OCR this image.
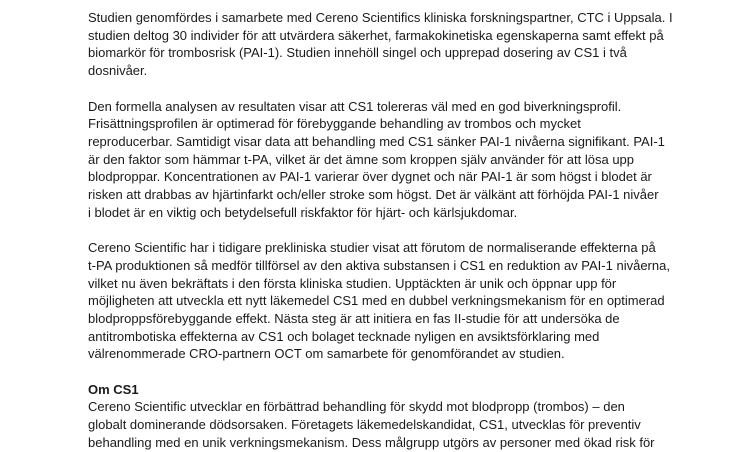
Studien genomfördes i samarbete med Cereno Scientifics kliniska forskningspartner, CTC i Uppsala. I
studien deltog 30 individer för att utvärdera säkerhet, farmakokinetiska egenskaperna samt effekt på
biomarkör för trombosrisk (PAI-1). Studien innehöll singel och upprepad dosering av CS1 i två
dosnivåer.
Den formella analysen av resultaten visar att CS1 tolereras väl med en god biverkningsprofil.
Frisättningsprofilen är optimerad för förebyggande behandling av trombos och mycket
reproducerbar. Samtidigt visar data att behandling med CS1 sänker PAI-1 nivåerna signifikant. PAI-1
är den faktor som hämmar t-PA, vilket är det ämne som kroppen själv använder för att lösa upp
blodproppar. Koncentrationen av PAI-1 varierar över dygnet och när PAI-1 är som högst i blodet är
risken att drabbas av hjärtinfarkt och/eller stroke som högst. Det är välkänt att förhöjda PAI-1 nivåer
i blodet är en viktig och betydelsefull riskfaktor för hjärt- och kärlsjukdomar.
Cereno Scientific har i tidigare prekliniska studier visat att förutom de normaliserande effekterna på
t-PA produktionen så medför tillförsel av den aktiva substansen i CS1 en reduktion av PAI-1 nivåerna,
vilket nu även bekräftats i den första kliniska studien. Upptäckten är unik och öppnar upp för
möjligheten att utveckla ett nytt läkemedel CS1 med en dubbel verkningsmekanism för en optimerad
blodproppsförebyggande effekt. Nästa steg är att initiera en fas II-studie för att undersöka de
antitrombotiska effekterna av CS1 och bolaget tecknade nyligen en avsiktsförklaring med
välrenommerade CRO-partnern OCT om samarbete för genomförandet av studien.
Om CS1
Cereno Scientific utvecklar en förbättrad behandling för skydd mot blodpropp (trombos) – den
globalt dominerande dödsorsaken. Företagets läkemedelskandidat, CS1, utvecklas för preventiv
behandling med en unik verkningsmekanism. Dess målgrupp utgörs av personer med ökad risk för
